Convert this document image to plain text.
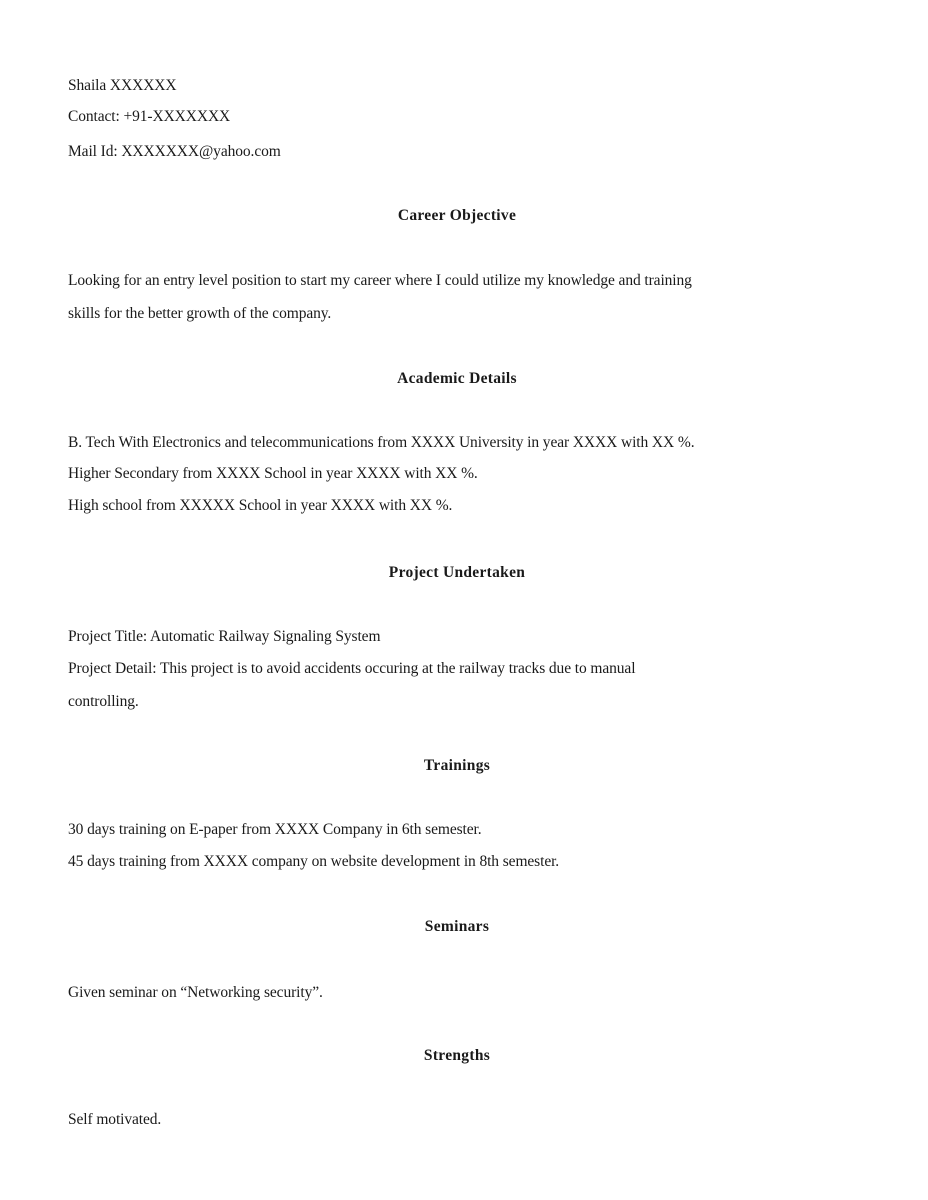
Shaila XXXXXX
Contact: +91-XXXXXXX
Mail Id: XXXXXXX@yahoo.com
Career Objective
Looking for an entry level position to start my career where I could utilize my knowledge and training
skills for the better growth of the company.
Academic Details
B. Tech With Electronics and telecommunications from XXXX University in year XXXX with XX %.
Higher Secondary from XXXX School in year XXXX with XX %.
High school from XXXXX School in year XXXX with XX %.
Project Undertaken
Project Title: Automatic Railway Signaling System
Project Detail: This project is to avoid accidents occuring at the railway tracks due to manual
controlling.
Trainings
30 days training on E-paper from XXXX Company in 6th semester.
45 days training from XXXX company on website development in 8th semester.
Seminars
Given seminar on “Networking security”.
Strengths
Self motivated.
